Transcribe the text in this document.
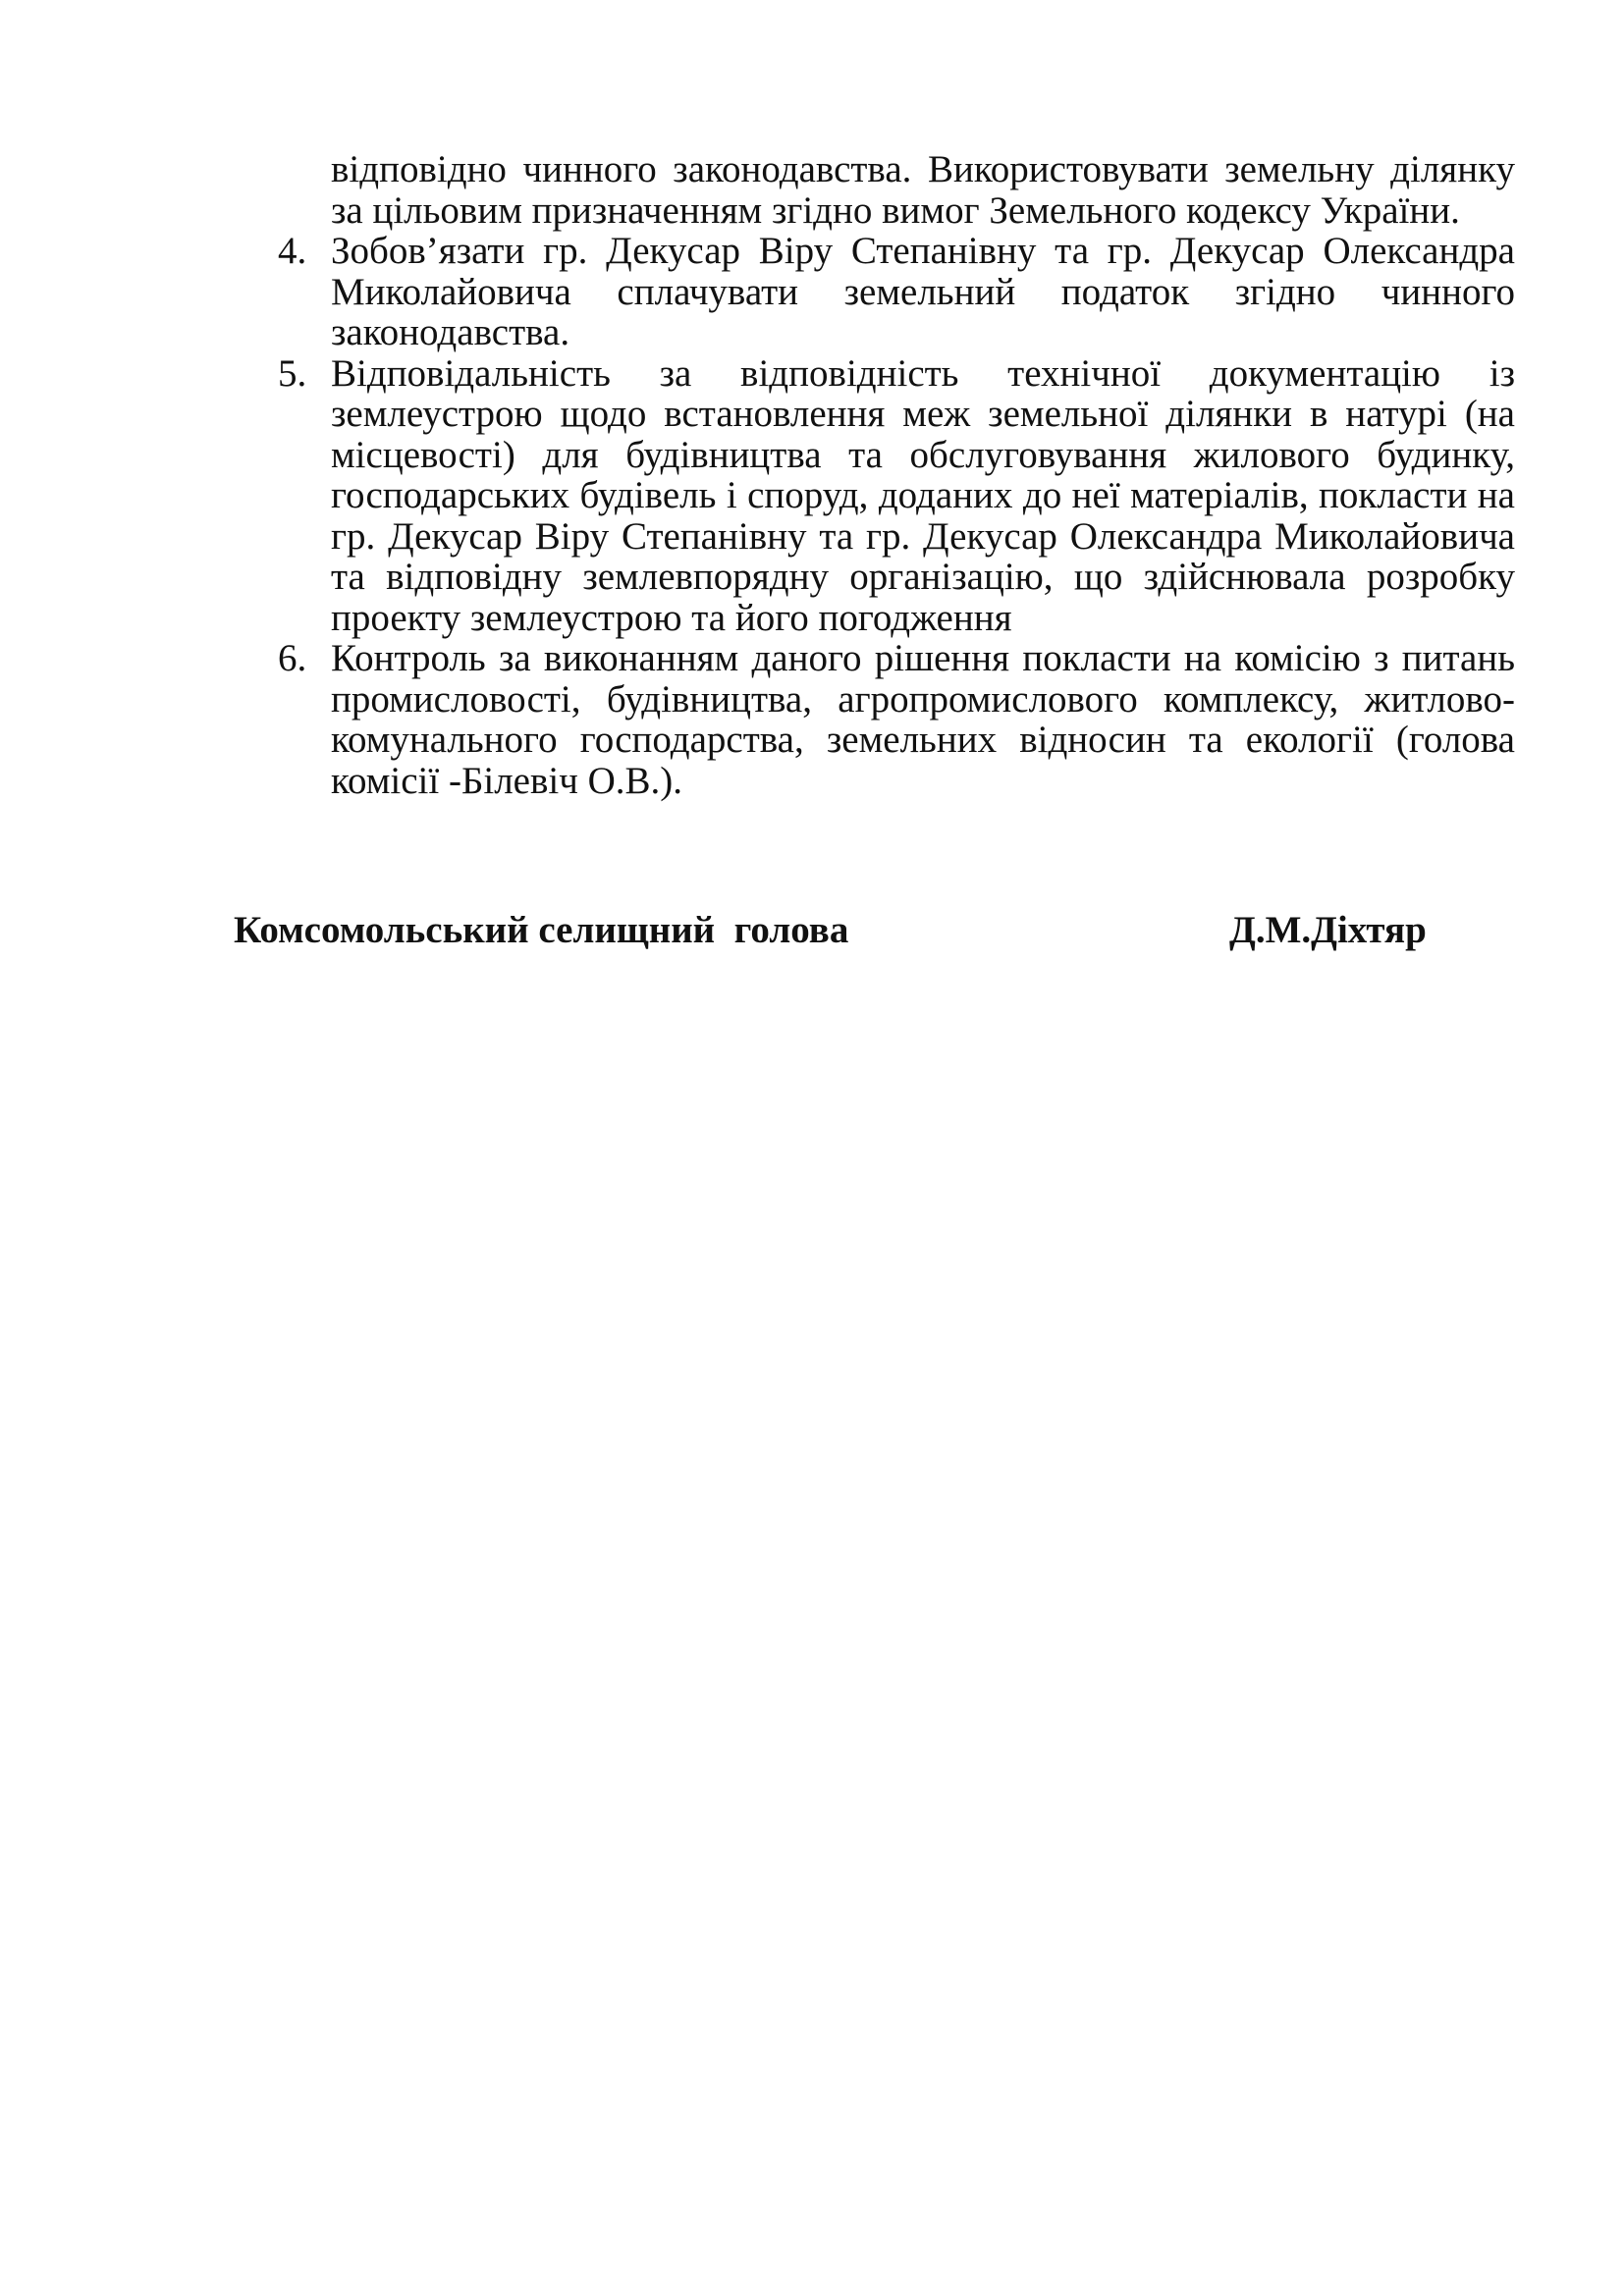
відповідно чинного законодавства. Використовувати земельну ділянку за цільовим призначенням згідно вимог Земельного кодексу України.

4. Зобов’язати гр. Декусар Віру Степанівну та гр. Декусар Олександра Миколайовича сплачувати земельний податок згідно чинного законодавства.
5. Відповідальність за відповідність технічної документацію із землеустрою щодо встановлення меж земельної ділянки в натурі (на місцевості) для будівництва та обслуговування жилового будинку, господарських будівель і споруд, доданих до неї матеріалів, покласти на гр. Декусар Віру Степанівну та гр. Декусар Олександра Миколайовича та відповідну землевпорядну організацію, що здійснювала розробку проекту землеустрою та його погодження
6. Контроль за виконанням даного рішення покласти на комісію з питань промисловості, будівництва, агропромислового комплексу, житлово-комунального господарства, земельних відносин та екології (голова комісії -Білевіч О.В.).
Комсомольський селищний  голова	Д.М.Діхтяр
